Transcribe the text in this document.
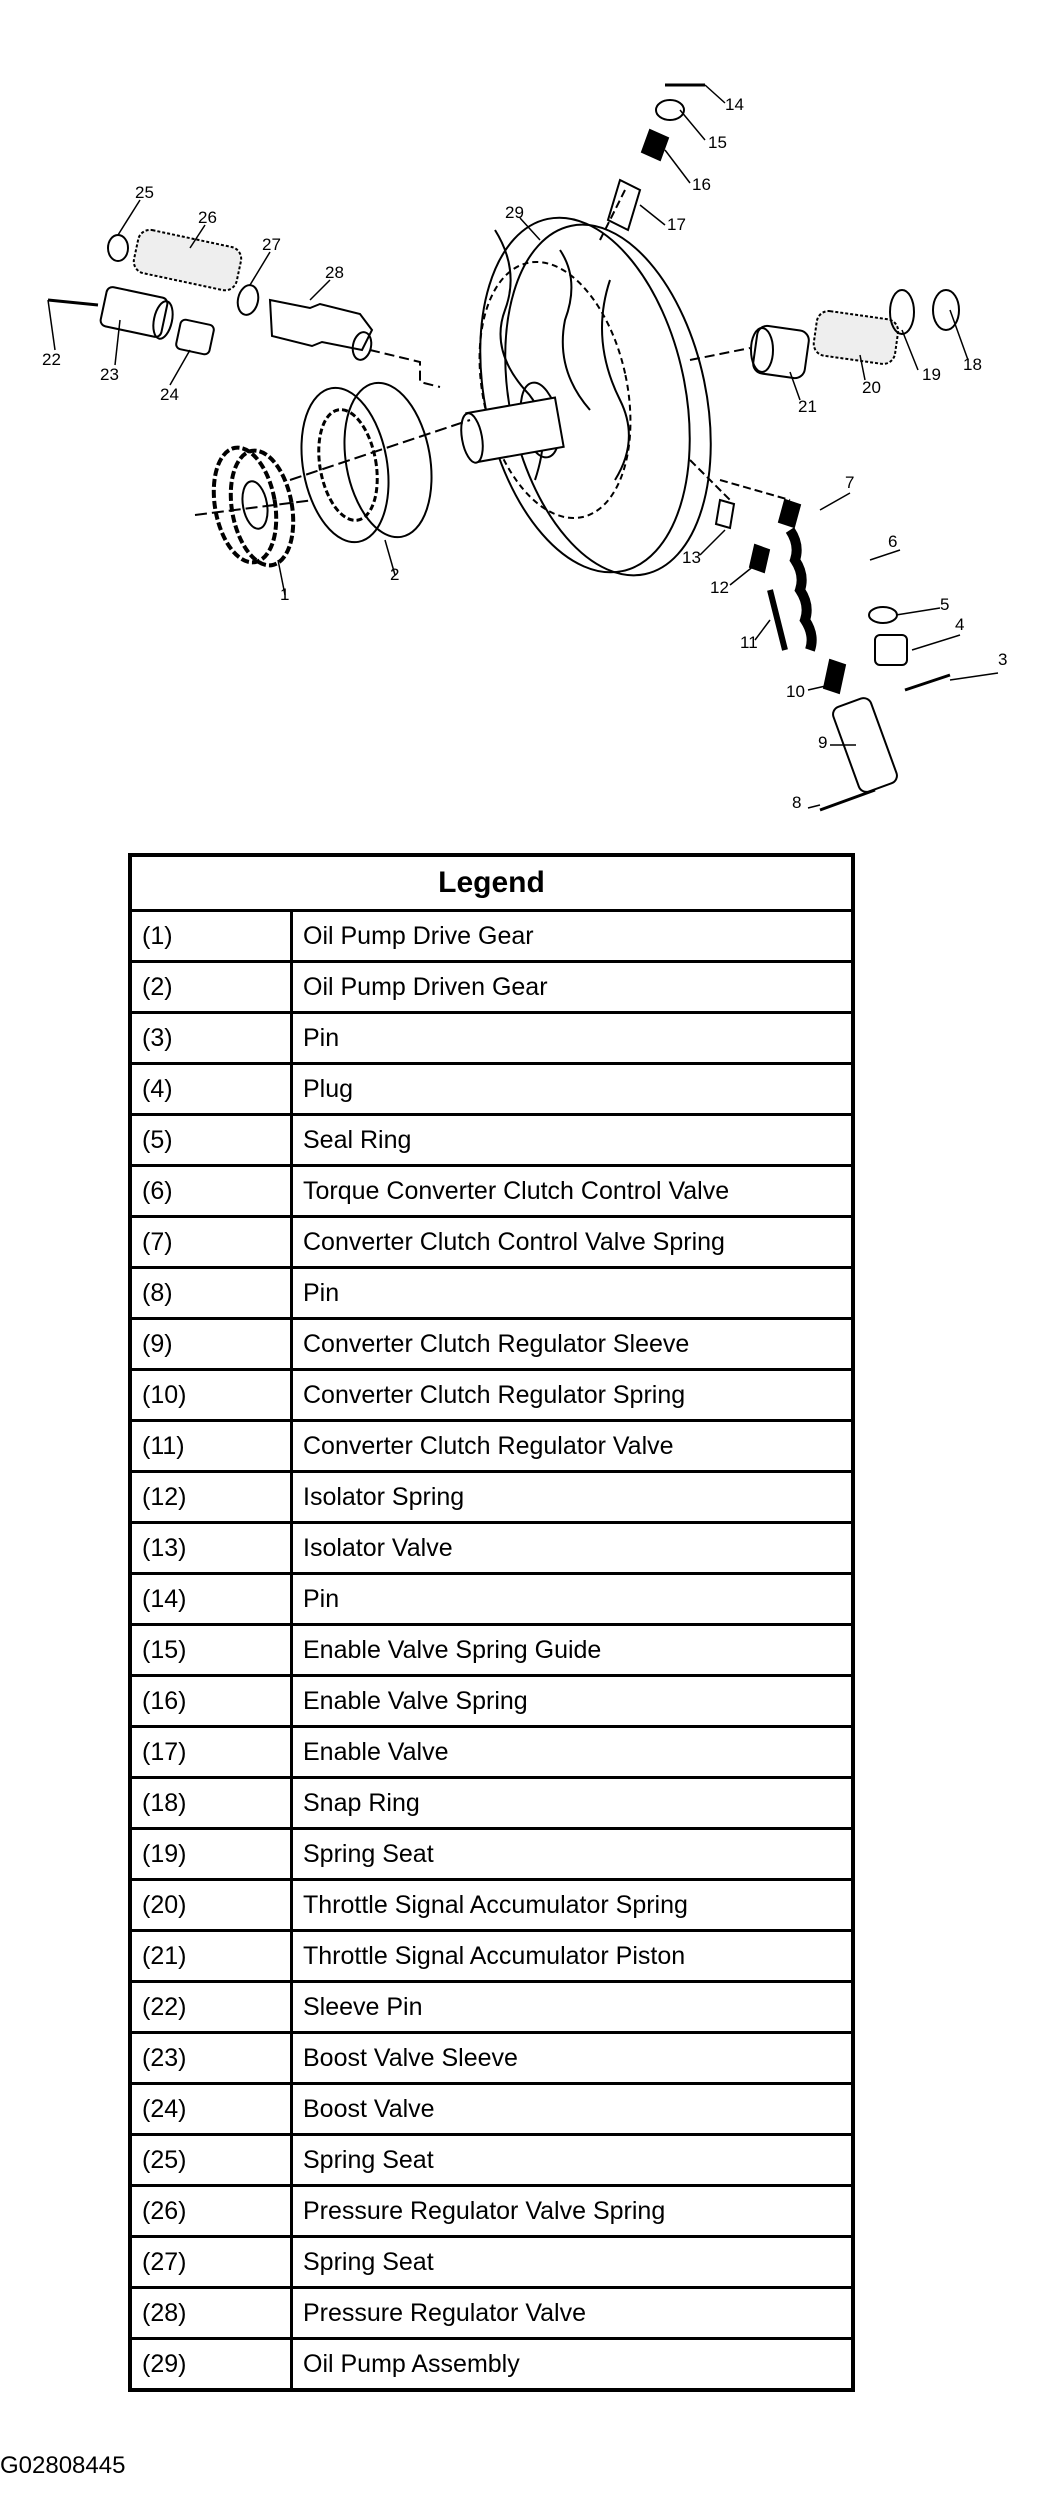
1
2
3
4
5
6
7
8
9
10
11
12
13
14
15
16
17
18
19
20
21
22
23
24
25
26
27
28
29
Legend	
(1)	Oil Pump Drive Gear
(2)	Oil Pump Driven Gear
(3)	Pin
(4)	Plug
(5)	Seal Ring
(6)	Torque Converter Clutch Control Valve
(7)	Converter Clutch Control Valve Spring
(8)	Pin
(9)	Converter Clutch Regulator Sleeve
(10)	Converter Clutch Regulator Spring
(11)	Converter Clutch Regulator Valve
(12)	Isolator Spring
(13)	Isolator Valve
(14)	Pin
(15)	Enable Valve Spring Guide
(16)	Enable Valve Spring
(17)	Enable Valve
(18)	Snap Ring
(19)	Spring Seat
(20)	Throttle Signal Accumulator Spring
(21)	Throttle Signal Accumulator Piston
(22)	Sleeve Pin
(23)	Boost Valve Sleeve
(24)	Boost Valve
(25)	Spring Seat
(26)	Pressure Regulator Valve Spring
(27)	Spring Seat
(28)	Pressure Regulator Valve
(29)	Oil Pump Assembly
G02808445
